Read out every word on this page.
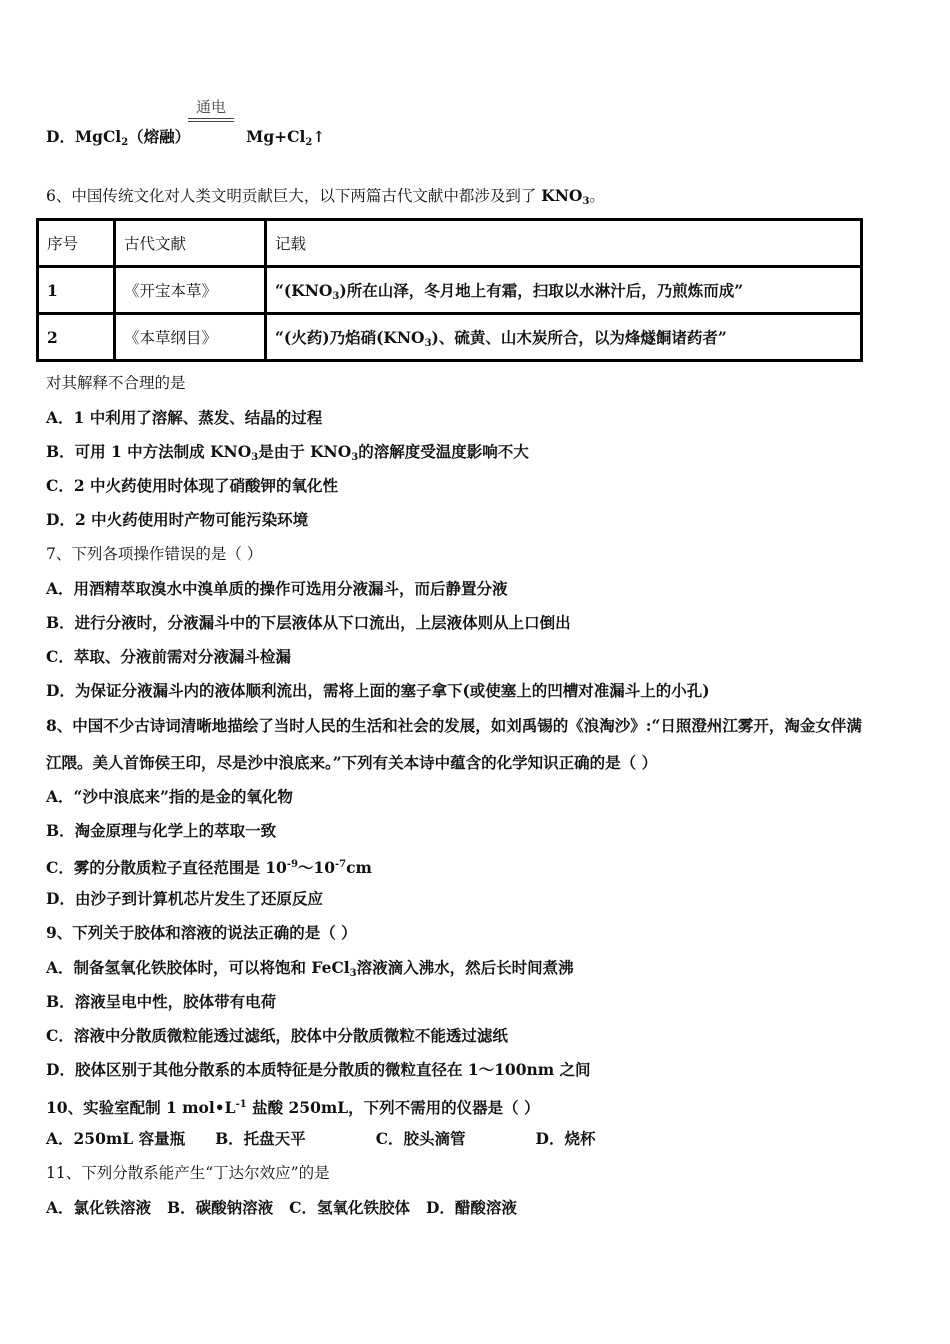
通电
D．MgCl$_2$（熔融）	$Mg+Cl_2↑$
6、中国传统文化对人类文明贡献巨大，以下两篇古代文献中都涉及到了 $KNO_3$。
序号	古代文献	记载
1	《开宝本草》	“$(KNO_3)$所在山泽，冬月地上有霜，扫取以水淋汁后，乃煎炼而成”
2	《本草纲目》	“(火药)乃焰硝$(KNO_3)$、硫黄、山木炭所合，以为烽燧餇诸药者”
对其解释不合理的是
A．1 中利用了溶解、蒸发、结晶的过程
B．可用 1 中方法制成 $KNO_3$是由于 $KNO_3$的溶解度受温度影响不大
C．2 中火药使用时体现了硝酸钾的氧化性
D．2 中火药使用时产物可能污染环境
7、下列各项操作错误的是（ ）
A．用酒精萃取溴水中溴单质的操作可选用分液漏斗，而后静置分液
B．进行分液时，分液漏斗中的下层液体从下口流出，上层液体则从上口倒出
C．萃取、分液前需对分液漏斗检漏
D．为保证分液漏斗内的液体顺利流出，需将上面的塞子拿下(或使塞上的凹槽对准漏斗上的小孔)
8、中国不少古诗词清晰地描绘了当时人民的生活和社会的发展，如刘禹锡的《浪淘沙》:“日照澄州江雾开，淘金女伴满
江隈。美人首饰侯王印，尽是沙中浪底来。”下列有关本诗中蕴含的化学知识正确的是（ ）
A．“沙中浪底来”指的是金的氧化物
B．淘金原理与化学上的萃取一致
C．雾的分散质粒子直径范围是 $10^{-9}\sim 10^{-7}cm$
D．由沙子到计算机芯片发生了还原反应
9、下列关于胶体和溶液的说法正确的是（ ）
A．制备氢氧化铁胶体时，可以将饱和 FeCl$_3$溶液滴入沸水，然后长时间煮沸
B．溶液呈电中性，胶体带有电荷
C．溶液中分散质微粒能透过滤纸，胶体中分散质微粒不能透过滤纸
D．胶体区别于其他分散系的本质特征是分散质的微粒直径在 1～100nm 之间
10、实验室配制 1 $mol•L^{-1}$ 盐酸 250mL，下列不需用的仪器是（ ）
A．250mL 容量瓶 B．托盘天平	C．胶头滴管	D．烧杯
11、下列分散系能产生“丁达尔效应”的是
A．氯化铁溶液 B．碳酸钠溶液 C．氢氧化铁胶体 D．醋酸溶液
